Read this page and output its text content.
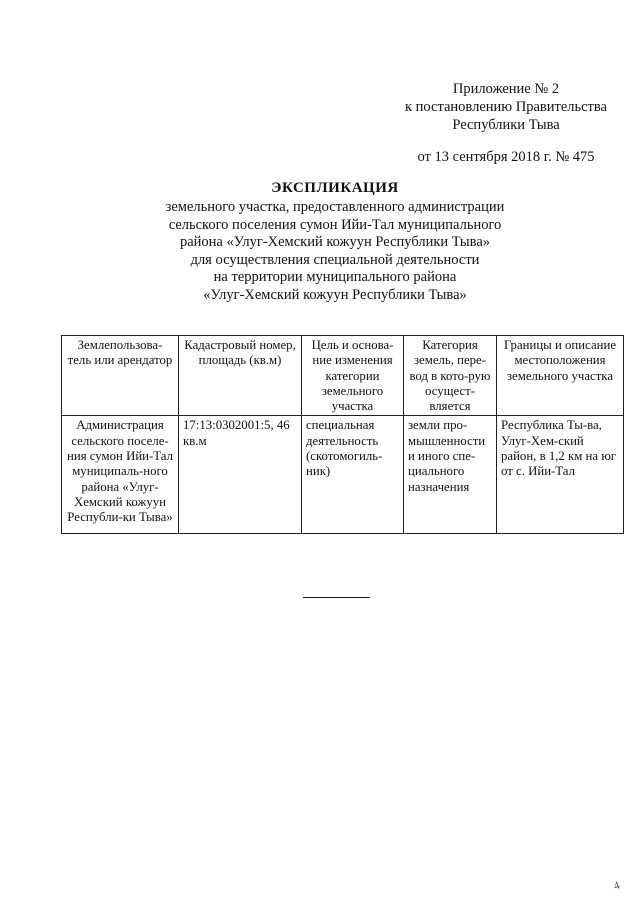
Приложение № 2
к постановлению Правительства
Республики Тыва
от 13 сентября 2018 г. № 475
ЭКСПЛИКАЦИЯ
земельного участка, предоставленного администрации
сельского поселения сумон Ийи-Тал муниципального
района «Улуг-Хемский кожуун Республики Тыва»
для осуществления специальной деятельности
на территории муниципального района
«Улуг-Хемский кожуун Республики Тыва»
Землепользова-тель или арендатор	Кадастровый номер, площадь (кв.м)	Цель и основа-ние изменения категории земельного участка	Категория земель, пере-вод в кото-рую осущест-вляется	Границы и описание местоположения земельного участка
Администрация сельского поселе-ния сумон Ийи-Тал муниципаль-ного района «Улуг-Хемский кожуун Республи-ки Тыва»	17:13:0302001:5, 46 кв.м	специальная деятельность (скотомогиль-ник)	земли про-мышленности и иного спе-циального назначения	Республика Ты-ва, Улуг-Хем-ский район, в 1,2 км на юг от с. Ийи-Тал
4
